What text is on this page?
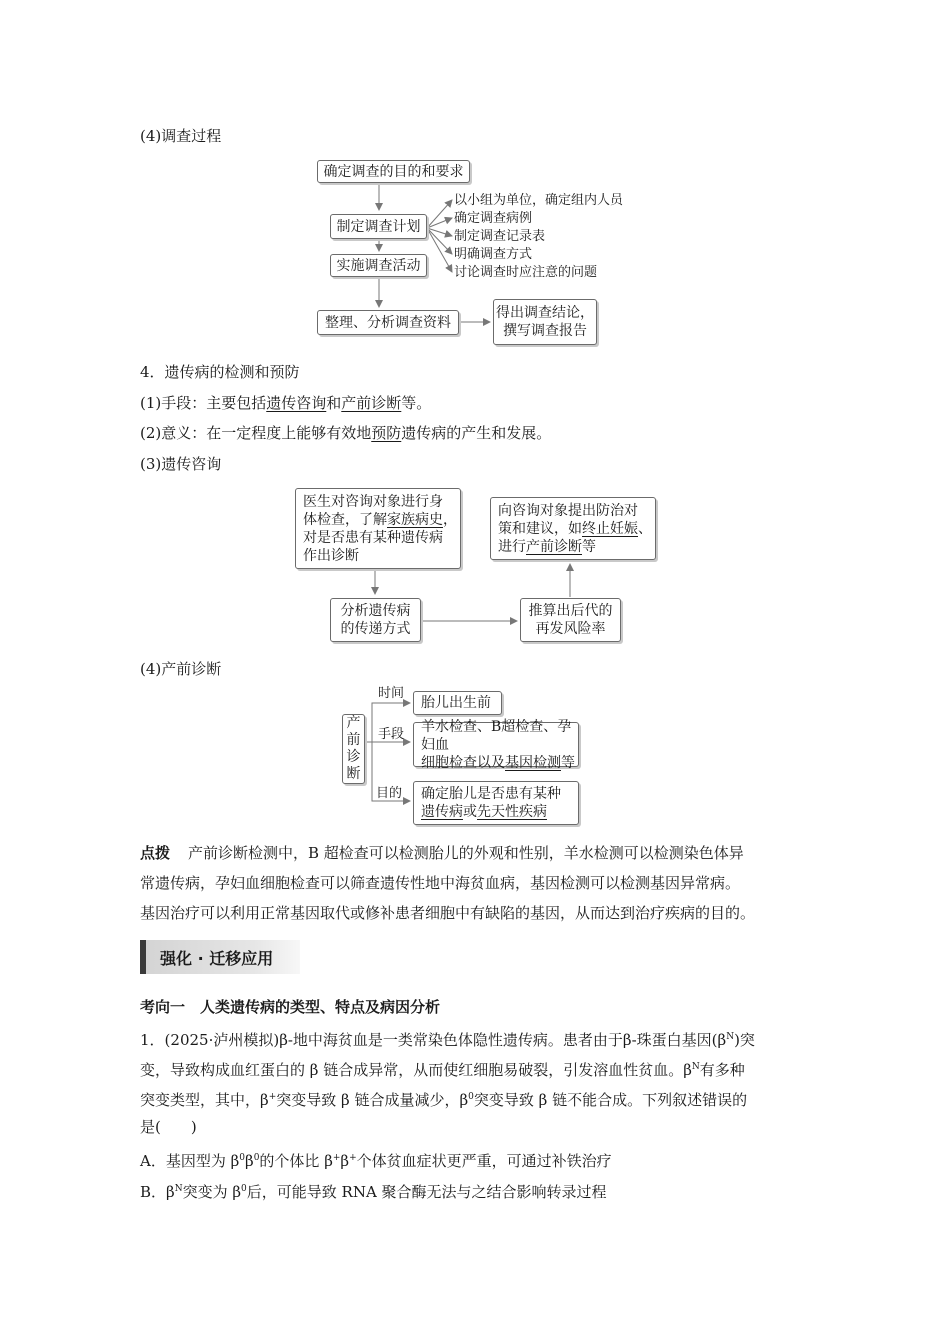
(4)调查过程
确定调查的目的和要求
制定调查计划
实施调查活动
整理、分析调查资料
得出调查结论，
撰写调查报告
以小组为单位，确定组内人员
确定调查病例
制定调查记录表
明确调查方式
讨论调查时应注意的问题
4．遗传病的检测和预防
(1)手段：主要包括遗传咨询和产前诊断等。
(2)意义：在一定程度上能够有效地预防遗传病的产生和发展。
(3)遗传咨询
医生对咨询对象进行身
体检查，了解家族病史，
对是否患有某种遗传病
作出诊断
分析遗传病
的传递方式
推算出后代的
再发风险率
向咨询对象提出防治对
策和建议，如终止妊娠、
进行产前诊断等
(4)产前诊断
产
前
诊
断
时间
手段
目的
胎儿出生前
羊水检查、B超检查、孕妇血
细胞检查以及基因检测等
确定胎儿是否患有某种
遗传病或先天性疾病
点拨 产前诊断检测中，B 超检查可以检测胎儿的外观和性别，羊水检测可以检测染色体异
常遗传病，孕妇血细胞检查可以筛查遗传性地中海贫血病，基因检测可以检测基因异常病。
基因治疗可以利用正常基因取代或修补患者细胞中有缺陷的基因，从而达到治疗疾病的目的。
强化 · 迁移应用
考向一　人类遗传病的类型、特点及病因分析
1．(2025·泸州模拟)β-地中海贫血是一类常染色体隐性遗传病。患者由于β-珠蛋白基因$(\beta^N)$突
变，导致构成血红蛋白的 β 链合成异常，从而使红细胞易破裂，引发溶血性贫血。$\beta^N$有多种
突变类型，其中，β+突变导致 β 链合成量减少，$\beta^0$突变导致 β 链不能合成。下列叙述错误的
是(　　)
A．基因型为 $\beta^0\beta^0$的个体比 β+β+个体贫血症状更严重，可通过补铁治疗
B．$\beta^N$突变为 $\beta^0$后，可能导致 RNA 聚合酶无法与之结合影响转录过程
